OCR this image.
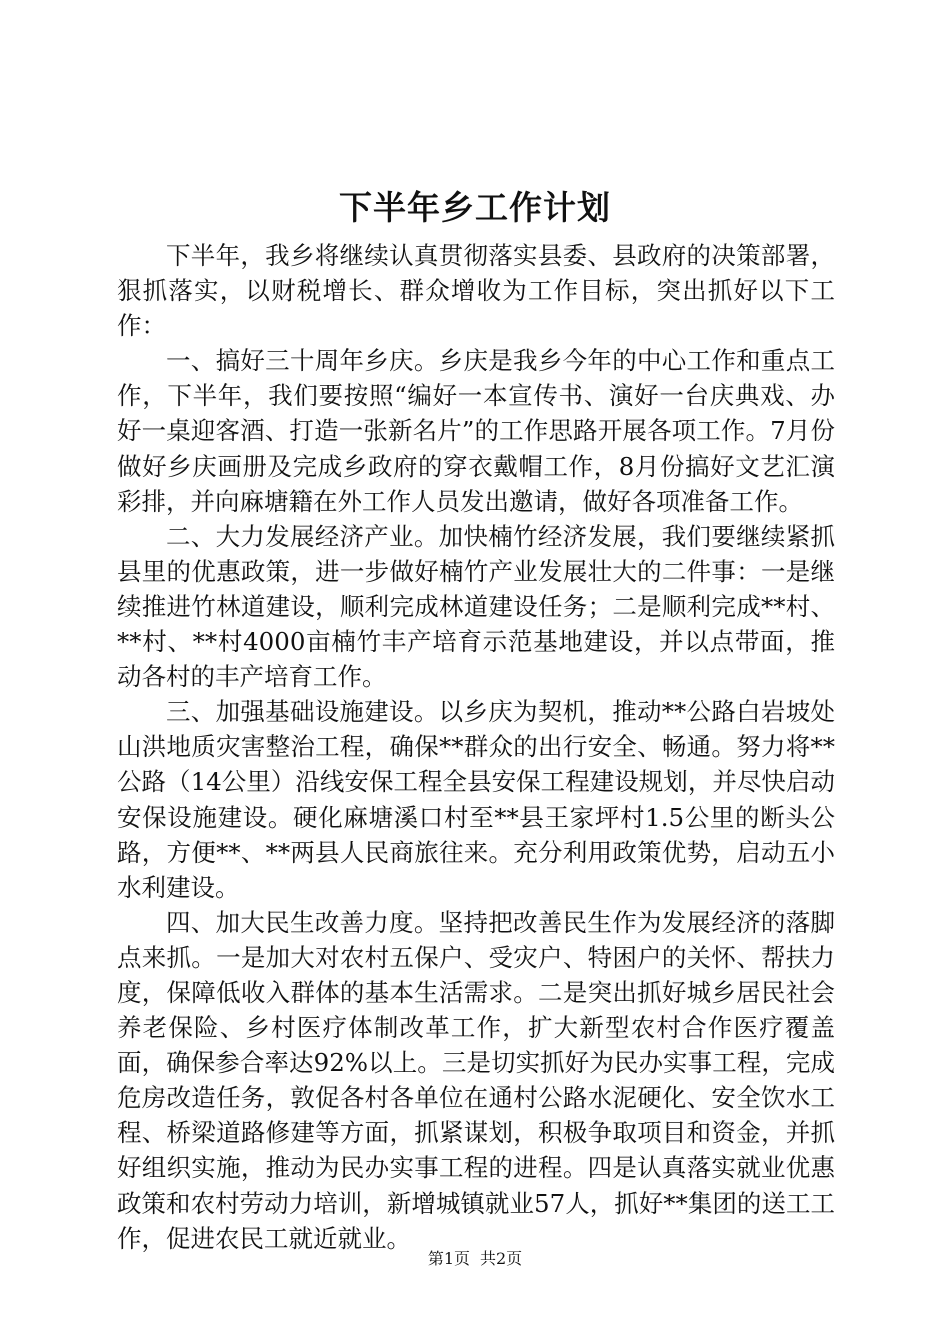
下半年乡工作计划

下半年，我乡将继续认真贯彻落实县委、县政府的决策部署，狠抓落实，以财税增长、群众增收为工作目标，突出抓好以下工作：

一、搞好三十周年乡庆。乡庆是我乡今年的中心工作和重点工作，下半年，我们要按照“编好一本宣传书、演好一台庆典戏、办好一桌迎客酒、打造一张新名片”的工作思路开展各项工作。7月份做好乡庆画册及完成乡政府的穿衣戴帽工作，8月份搞好文艺汇演彩排，并向麻塘籍在外工作人员发出邀请，做好各项准备工作。

二、大力发展经济产业。加快楠竹经济发展，我们要继续紧抓县里的优惠政策，进一步做好楠竹产业发展壮大的二件事：一是继续推进竹林道建设，顺利完成林道建设任务；二是顺利完成**村、**村、**村4000亩楠竹丰产培育示范基地建设，并以点带面，推动各村的丰产培育工作。

三、加强基础设施建设。以乡庆为契机，推动**公路白岩坡处山洪地质灾害整治工程，确保**群众的出行安全、畅通。努力将**公路（14公里）沿线安保工程全县安保工程建设规划，并尽快启动安保设施建设。硬化麻塘溪口村至**县王家坪村1.5公里的断头公路，方便**、**两县人民商旅往来。充分利用政策优势，启动五小水利建设。

四、加大民生改善力度。坚持把改善民生作为发展经济的落脚点来抓。一是加大对农村五保户、受灾户、特困户的关怀、帮扶力度，保障低收入群体的基本生活需求。二是突出抓好城乡居民社会养老保险、乡村医疗体制改革工作，扩大新型农村合作医疗覆盖面，确保参合率达92%以上。三是切实抓好为民办实事工程，完成危房改造任务，敦促各村各单位在通村公路水泥硬化、安全饮水工程、桥梁道路修建等方面，抓紧谋划，积极争取项目和资金，并抓好组织实施，推动为民办实事工程的进程。四是认真落实就业优惠政策和农村劳动力培训，新增城镇就业57人，抓好**集团的送工工作，促进农民工就近就业。

第1页 共2页
